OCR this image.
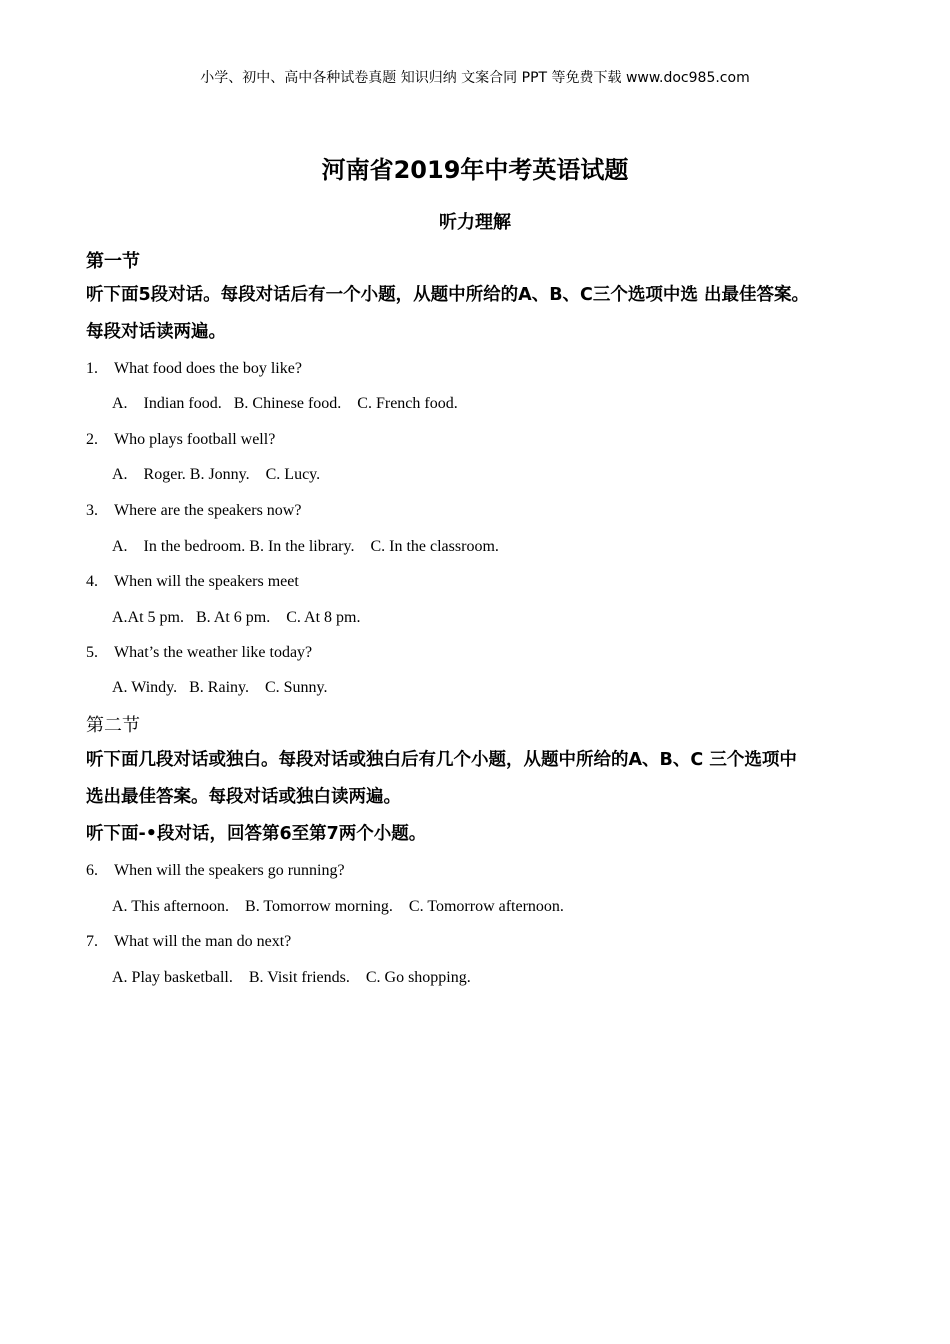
小学、初中、高中各种试卷真题 知识归纳 文案合同 PPT 等免费下载 www.doc985.com
河南省2019年中考英语试题
听力理解
第一节
听下面5段对话。每段对话后有一个小题，从题中所给的A、B、C三个选项中选 出最佳答案。
每段对话读两遍。
1. What food does the boy like?
A.    Indian food.   B. Chinese food.    C. French food.
2. Who plays football well?
A.    Roger. B. Jonny.    C. Lucy.
3. Where are the speakers now?
A.    In the bedroom. B. In the library.    C. In the classroom.
4. When will the speakers meet
A.At 5 pm.   B. At 6 pm.    C. At 8 pm.
5. What’s the weather like today?
A. Windy.   B. Rainy.    C. Sunny.
第二节
听下面几段对话或独白。每段对话或独白后有几个小题，从题中所给的A、B、C 三个选项中
选出最佳答案。每段对话或独白读两遍。
听下面-•段对话，回答第6至第7两个小题。
6. When will the speakers go running?
A. This afternoon.    B. Tomorrow morning.    C. Tomorrow afternoon.
7. What will the man do next?
A. Play basketball.    B. Visit friends.    C. Go shopping.
